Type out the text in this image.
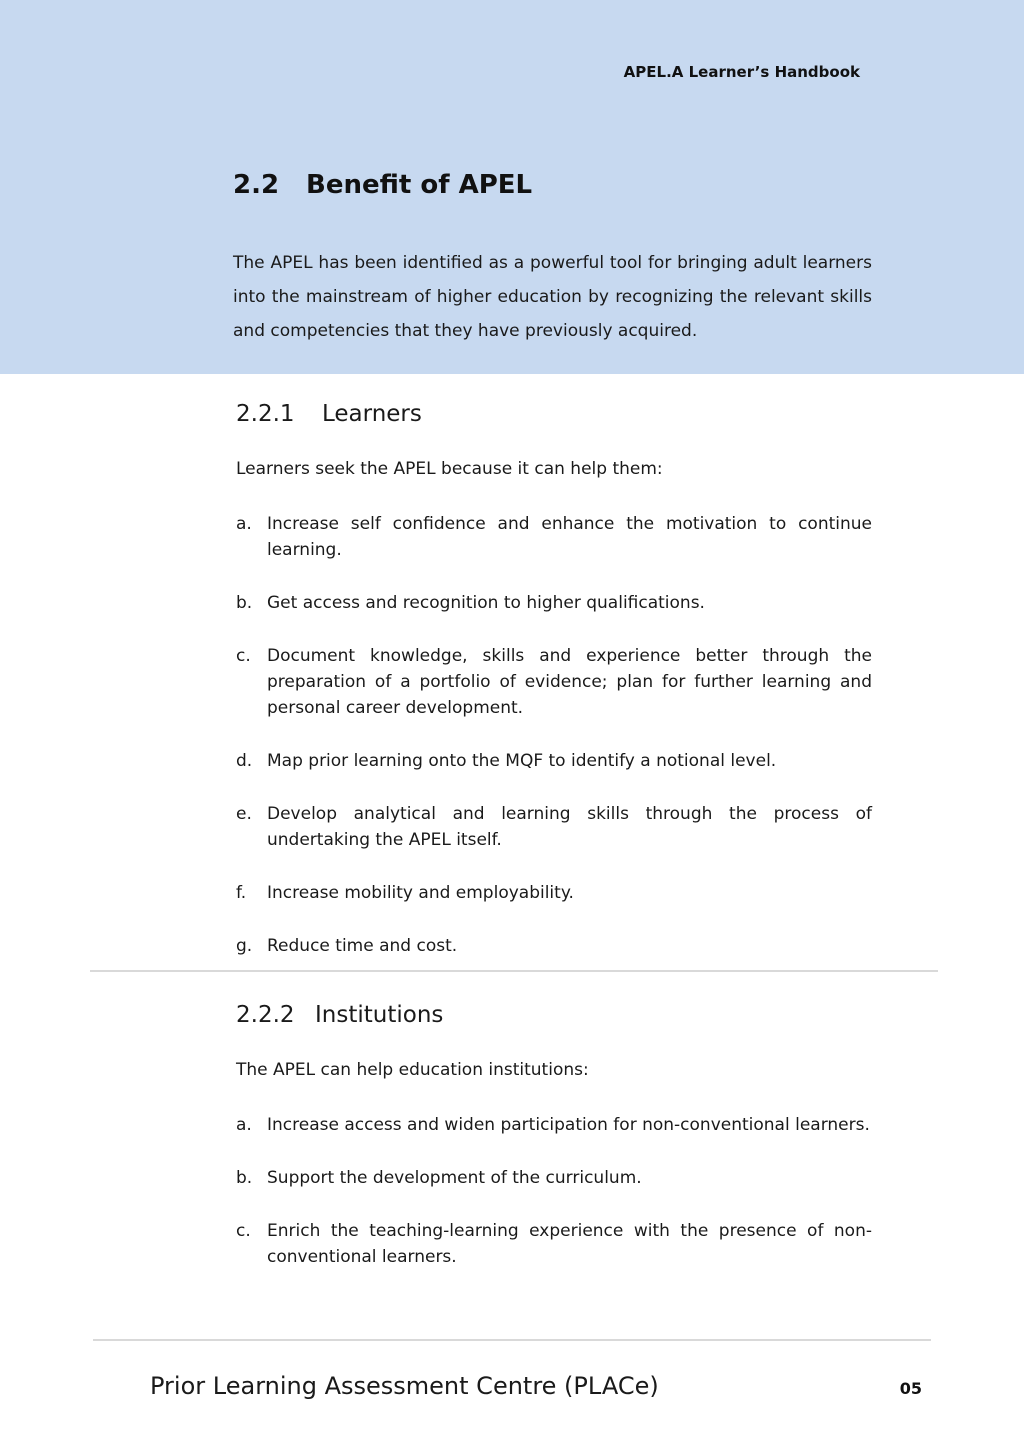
APEL.A Learner’s Handbook
2.2	Benefit of APEL
The APEL has been identified as a powerful tool for bringing adult learners into the mainstream of higher education by recognizing the relevant skills and competencies that they have previously acquired.
2.2.1	Learners
Learners seek the APEL because it can help them:
a. Increase self confidence and enhance the motivation to continue learning.
b. Get access and recognition to higher qualifications.
c. Document knowledge, skills and experience better through the preparation of a portfolio of evidence; plan for further learning and personal career development.
d. Map prior learning onto the MQF to identify a notional level.
e. Develop analytical and learning skills through the process of undertaking the APEL itself.
f.	Increase mobility and employability.
g. Reduce time and cost.
2.2.2 Institutions
The APEL can help education institutions:
a. Increase access and widen participation for non-conventional learners.
b. Support the development of the curriculum.
c. Enrich the teaching-learning experience with the presence of non-conventional learners.
Prior Learning Assessment Centre (PLACe)	05
